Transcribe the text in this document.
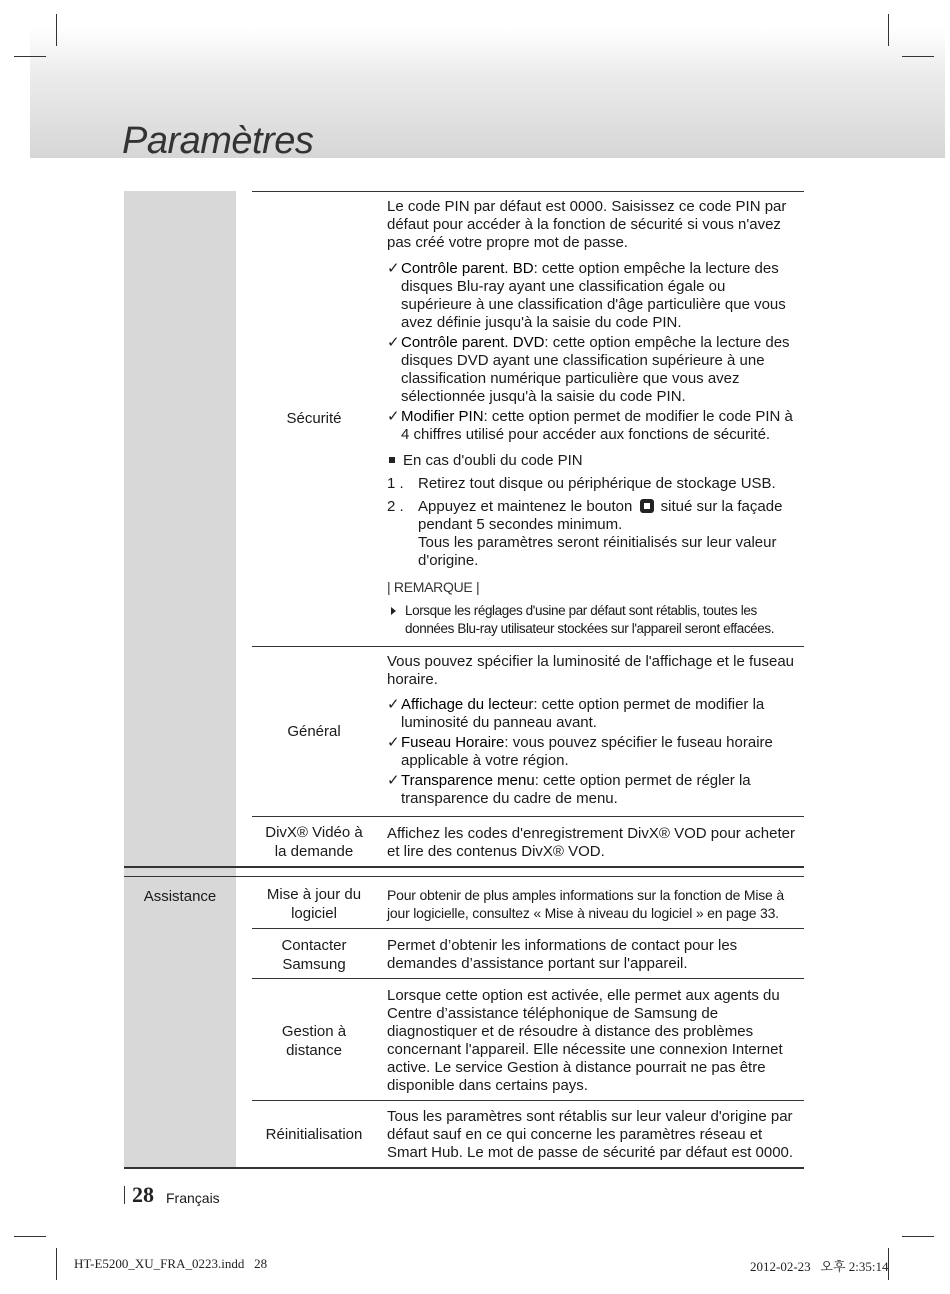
Paramètres
Sécurité

Le code PIN par défaut est 0000. Saisissez ce code PIN par défaut pour accéder à la fonction de sécurité si vous n'avez pas créé votre propre mot de passe.

✓Contrôle parent. BD: cette option empêche la lecture des disques Blu-ray ayant une classification égale ou supérieure à une classification d'âge particulière que vous avez définie jusqu'à la saisie du code PIN.

✓Contrôle parent. DVD: cette option empêche la lecture des disques DVD ayant une classification supérieure à une classification numérique particulière que vous avez sélectionnée jusqu'à la saisie du code PIN.

✓Modifier PIN: cette option permet de modifier le code PIN à 4 chiffres utilisé pour accéder aux fonctions de sécurité.

En cas d'oubli du code PIN

1 . Retirez tout disque ou périphérique de stockage USB.
2 . Appuyez et maintenez le bouton situé sur la façade pendant 5 secondes minimum.
Tous les paramètres seront réinitialisés sur leur valeur d'origine.

| REMARQUE |

Lorsque les réglages d'usine par défaut sont rétablis, toutes les données Blu-ray utilisateur stockées sur l'appareil seront effacées.

Général

Vous pouvez spécifier la luminosité de l'affichage et le fuseau horaire.

✓Affichage du lecteur: cette option permet de modifier la luminosité du panneau avant.

✓Fuseau Horaire: vous pouvez spécifier le fuseau horaire applicable à votre région.

✓Transparence menu: cette option permet de régler la transparence du cadre de menu.

DivX® Vidéo à la demande
Affichez les codes d'enregistrement DivX® VOD pour acheter et lire des contenus DivX® VOD.
Assistance	Mise à jour du logiciel
Pour obtenir de plus amples informations sur la fonction de Mise à jour logicielle, consultez « Mise à niveau du logiciel » en page 33.
Contacter Samsung
Permet d’obtenir les informations de contact pour les demandes d’assistance portant sur l'appareil.
Gestion à distance
Lorsque cette option est activée, elle permet aux agents du Centre d’assistance téléphonique de Samsung de diagnostiquer et de résoudre à distance des problèmes concernant l'appareil. Elle nécessite une connexion Internet active. Le service Gestion à distance pourrait ne pas être disponible dans certains pays.
Réinitialisation
Tous les paramètres sont rétablis sur leur valeur d'origine par défaut sauf en ce qui concerne les paramètres réseau et Smart Hub. Le mot de passe de sécurité par défaut est 0000.
28 Français
HT-E5200_XU_FRA_0223.indd   28	2012-02-23   오후 2:35:14
